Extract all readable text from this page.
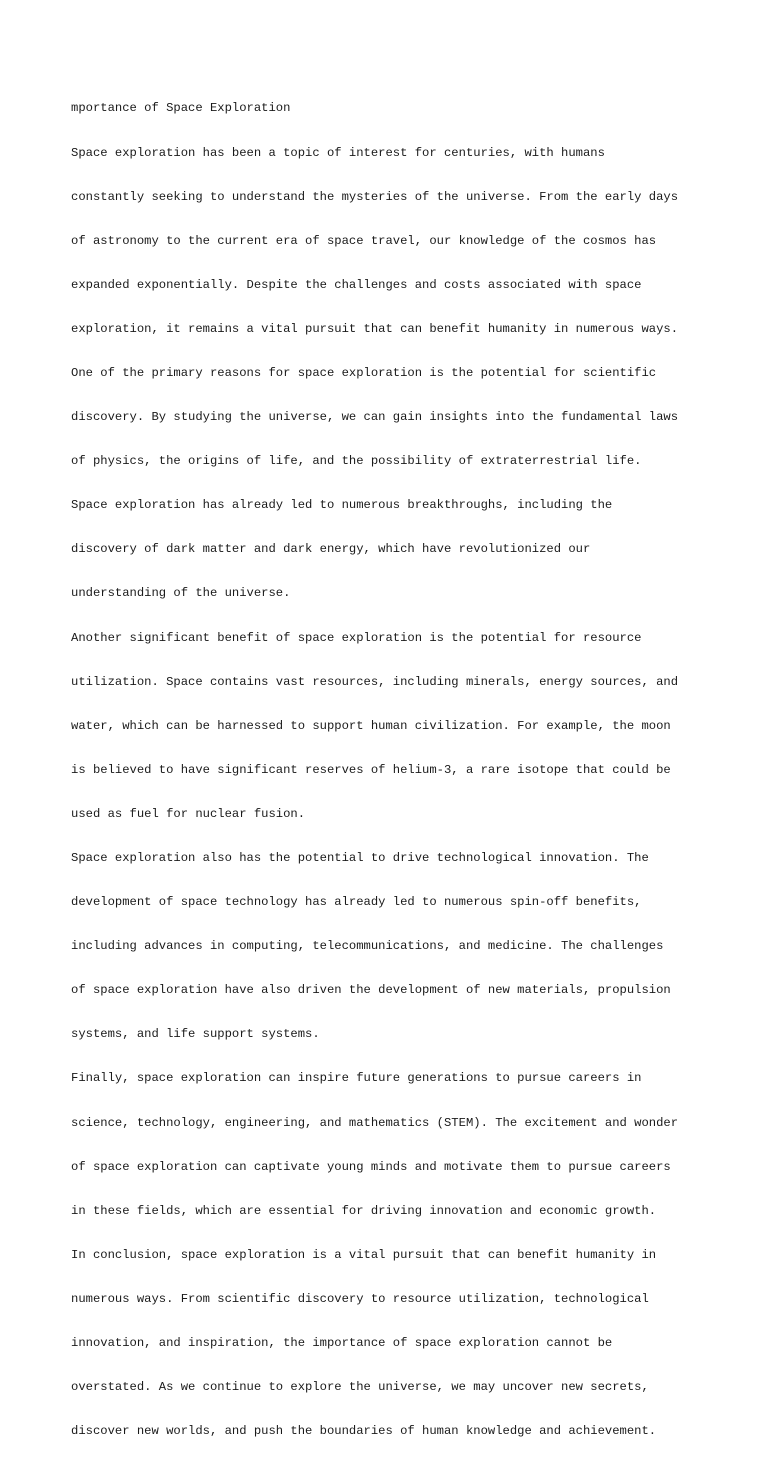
mportance of Space Exploration

Space exploration has been a topic of interest for centuries, with humans

constantly seeking to understand the mysteries of the universe. From the early days

of astronomy to the current era of space travel, our knowledge of the cosmos has

expanded exponentially. Despite the challenges and costs associated with space

exploration, it remains a vital pursuit that can benefit humanity in numerous ways.

One of the primary reasons for space exploration is the potential for scientific

discovery. By studying the universe, we can gain insights into the fundamental laws

of physics, the origins of life, and the possibility of extraterrestrial life.

Space exploration has already led to numerous breakthroughs, including the

discovery of dark matter and dark energy, which have revolutionized our

understanding of the universe.

Another significant benefit of space exploration is the potential for resource

utilization. Space contains vast resources, including minerals, energy sources, and

water, which can be harnessed to support human civilization. For example, the moon

is believed to have significant reserves of helium-3, a rare isotope that could be

used as fuel for nuclear fusion.

Space exploration also has the potential to drive technological innovation. The

development of space technology has already led to numerous spin-off benefits,

including advances in computing, telecommunications, and medicine. The challenges

of space exploration have also driven the development of new materials, propulsion

systems, and life support systems.

Finally, space exploration can inspire future generations to pursue careers in

science, technology, engineering, and mathematics (STEM). The excitement and wonder

of space exploration can captivate young minds and motivate them to pursue careers

in these fields, which are essential for driving innovation and economic growth.

In conclusion, space exploration is a vital pursuit that can benefit humanity in

numerous ways. From scientific discovery to resource utilization, technological

innovation, and inspiration, the importance of space exploration cannot be

overstated. As we continue to explore the universe, we may uncover new secrets,

discover new worlds, and push the boundaries of human knowledge and achievement.
